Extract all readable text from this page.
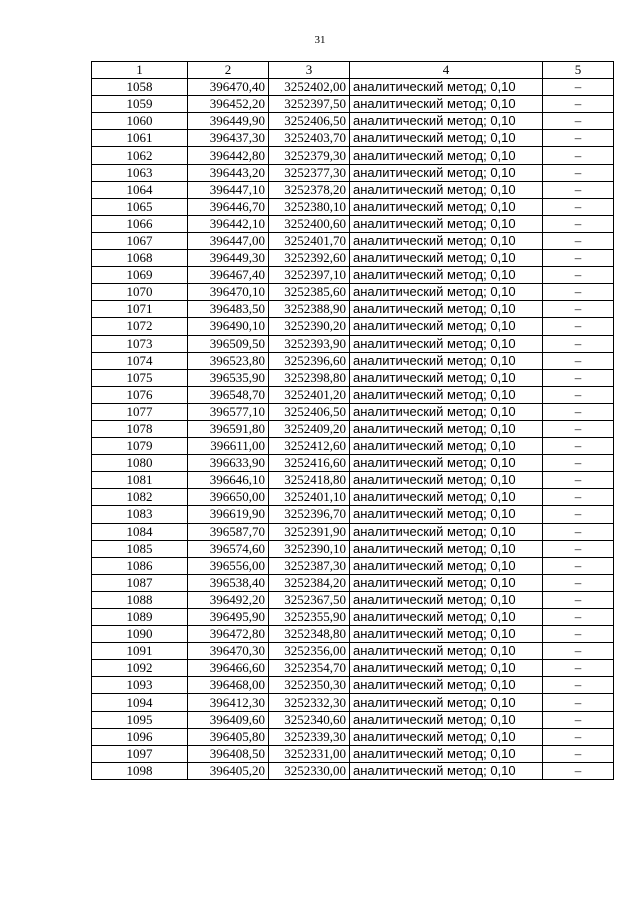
31
1	2	3	4	5
1058	396470,40	3252402,00	аналитический метод; 0,10	–
1059	396452,20	3252397,50	аналитический метод; 0,10	–
1060	396449,90	3252406,50	аналитический метод; 0,10	–
1061	396437,30	3252403,70	аналитический метод; 0,10	–
1062	396442,80	3252379,30	аналитический метод; 0,10	–
1063	396443,20	3252377,30	аналитический метод; 0,10	–
1064	396447,10	3252378,20	аналитический метод; 0,10	–
1065	396446,70	3252380,10	аналитический метод; 0,10	–
1066	396442,10	3252400,60	аналитический метод; 0,10	–
1067	396447,00	3252401,70	аналитический метод; 0,10	–
1068	396449,30	3252392,60	аналитический метод; 0,10	–
1069	396467,40	3252397,10	аналитический метод; 0,10	–
1070	396470,10	3252385,60	аналитический метод; 0,10	–
1071	396483,50	3252388,90	аналитический метод; 0,10	–
1072	396490,10	3252390,20	аналитический метод; 0,10	–
1073	396509,50	3252393,90	аналитический метод; 0,10	–
1074	396523,80	3252396,60	аналитический метод; 0,10	–
1075	396535,90	3252398,80	аналитический метод; 0,10	–
1076	396548,70	3252401,20	аналитический метод; 0,10	–
1077	396577,10	3252406,50	аналитический метод; 0,10	–
1078	396591,80	3252409,20	аналитический метод; 0,10	–
1079	396611,00	3252412,60	аналитический метод; 0,10	–
1080	396633,90	3252416,60	аналитический метод; 0,10	–
1081	396646,10	3252418,80	аналитический метод; 0,10	–
1082	396650,00	3252401,10	аналитический метод; 0,10	–
1083	396619,90	3252396,70	аналитический метод; 0,10	–
1084	396587,70	3252391,90	аналитический метод; 0,10	–
1085	396574,60	3252390,10	аналитический метод; 0,10	–
1086	396556,00	3252387,30	аналитический метод; 0,10	–
1087	396538,40	3252384,20	аналитический метод; 0,10	–
1088	396492,20	3252367,50	аналитический метод; 0,10	–
1089	396495,90	3252355,90	аналитический метод; 0,10	–
1090	396472,80	3252348,80	аналитический метод; 0,10	–
1091	396470,30	3252356,00	аналитический метод; 0,10	–
1092	396466,60	3252354,70	аналитический метод; 0,10	–
1093	396468,00	3252350,30	аналитический метод; 0,10	–
1094	396412,30	3252332,30	аналитический метод; 0,10	–
1095	396409,60	3252340,60	аналитический метод; 0,10	–
1096	396405,80	3252339,30	аналитический метод; 0,10	–
1097	396408,50	3252331,00	аналитический метод; 0,10	–
1098	396405,20	3252330,00	аналитический метод; 0,10	–
